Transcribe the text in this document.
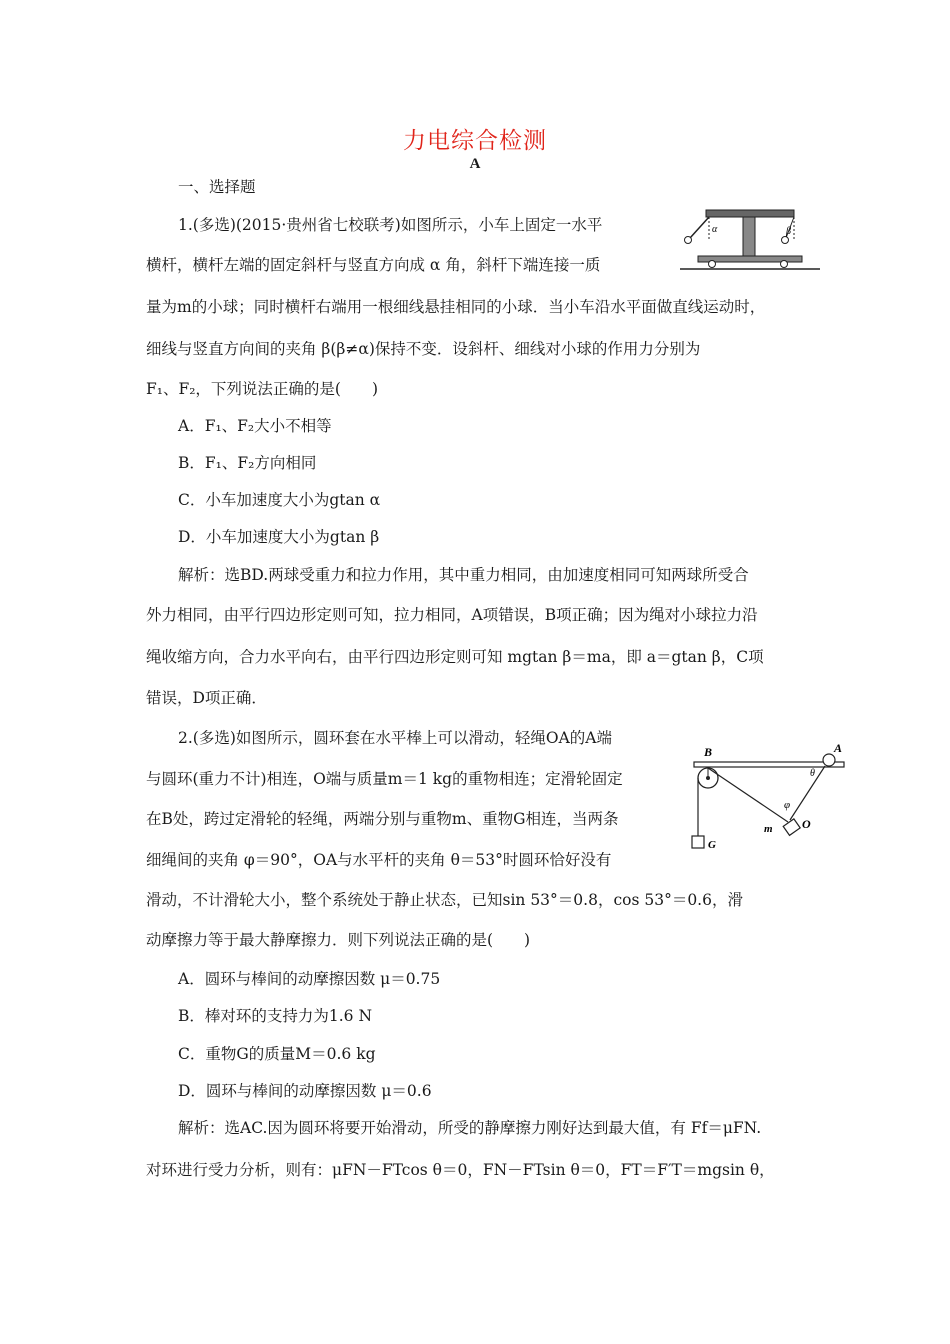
力电综合检测
A
一、选择题
1.(多选)(2015·贵州省七校联考)如图所示，小车上固定一水平
横杆，横杆左端的固定斜杆与竖直方向成 α 角，斜杆下端连接一质
量为m的小球；同时横杆右端用一根细线悬挂相同的小球．当小车沿水平面做直线运动时，
细线与竖直方向间的夹角 β(β≠α)保持不变．设斜杆、细线对小球的作用力分别为
F₁、F₂，下列说法正确的是(　　)
A．F₁、F₂大小不相等
B．F₁、F₂方向相同
C．小车加速度大小为gtan α
D．小车加速度大小为gtan β
解析：选BD.两球受重力和拉力作用，其中重力相同，由加速度相同可知两球所受合
外力相同，由平行四边形定则可知，拉力相同，A项错误，B项正确；因为绳对小球拉力沿
绳收缩方向，合力水平向右，由平行四边形定则可知 mgtan β＝ma，即 a＝gtan β，C项
错误，D项正确．
α	β
2.(多选)如图所示，圆环套在水平棒上可以滑动，轻绳OA的A端
与圆环(重力不计)相连，O端与质量m＝1 kg的重物相连；定滑轮固定
在B处，跨过定滑轮的轻绳，两端分别与重物m、重物G相连，当两条
细绳间的夹角 φ＝90°，OA与水平杆的夹角 θ＝53°时圆环恰好没有
滑动，不计滑轮大小，整个系统处于静止状态，已知sin 53°＝0.8，cos 53°＝0.6，滑
动摩擦力等于最大静摩擦力．则下列说法正确的是(　　)
A．圆环与棒间的动摩擦因数 μ＝0.75
B．棒对环的支持力为1.6 N
C．重物G的质量M＝0.6 kg
D．圆环与棒间的动摩擦因数 μ＝0.6
解析：选AC.因为圆环将要开始滑动，所受的静摩擦力刚好达到最大值，有 Ff＝μFN.
对环进行受力分析，则有：μFN－FTcos θ＝0，FN－FTsin θ＝0，FT＝F′T＝mgsin θ，
B	A
θ
φ
O
m
G
